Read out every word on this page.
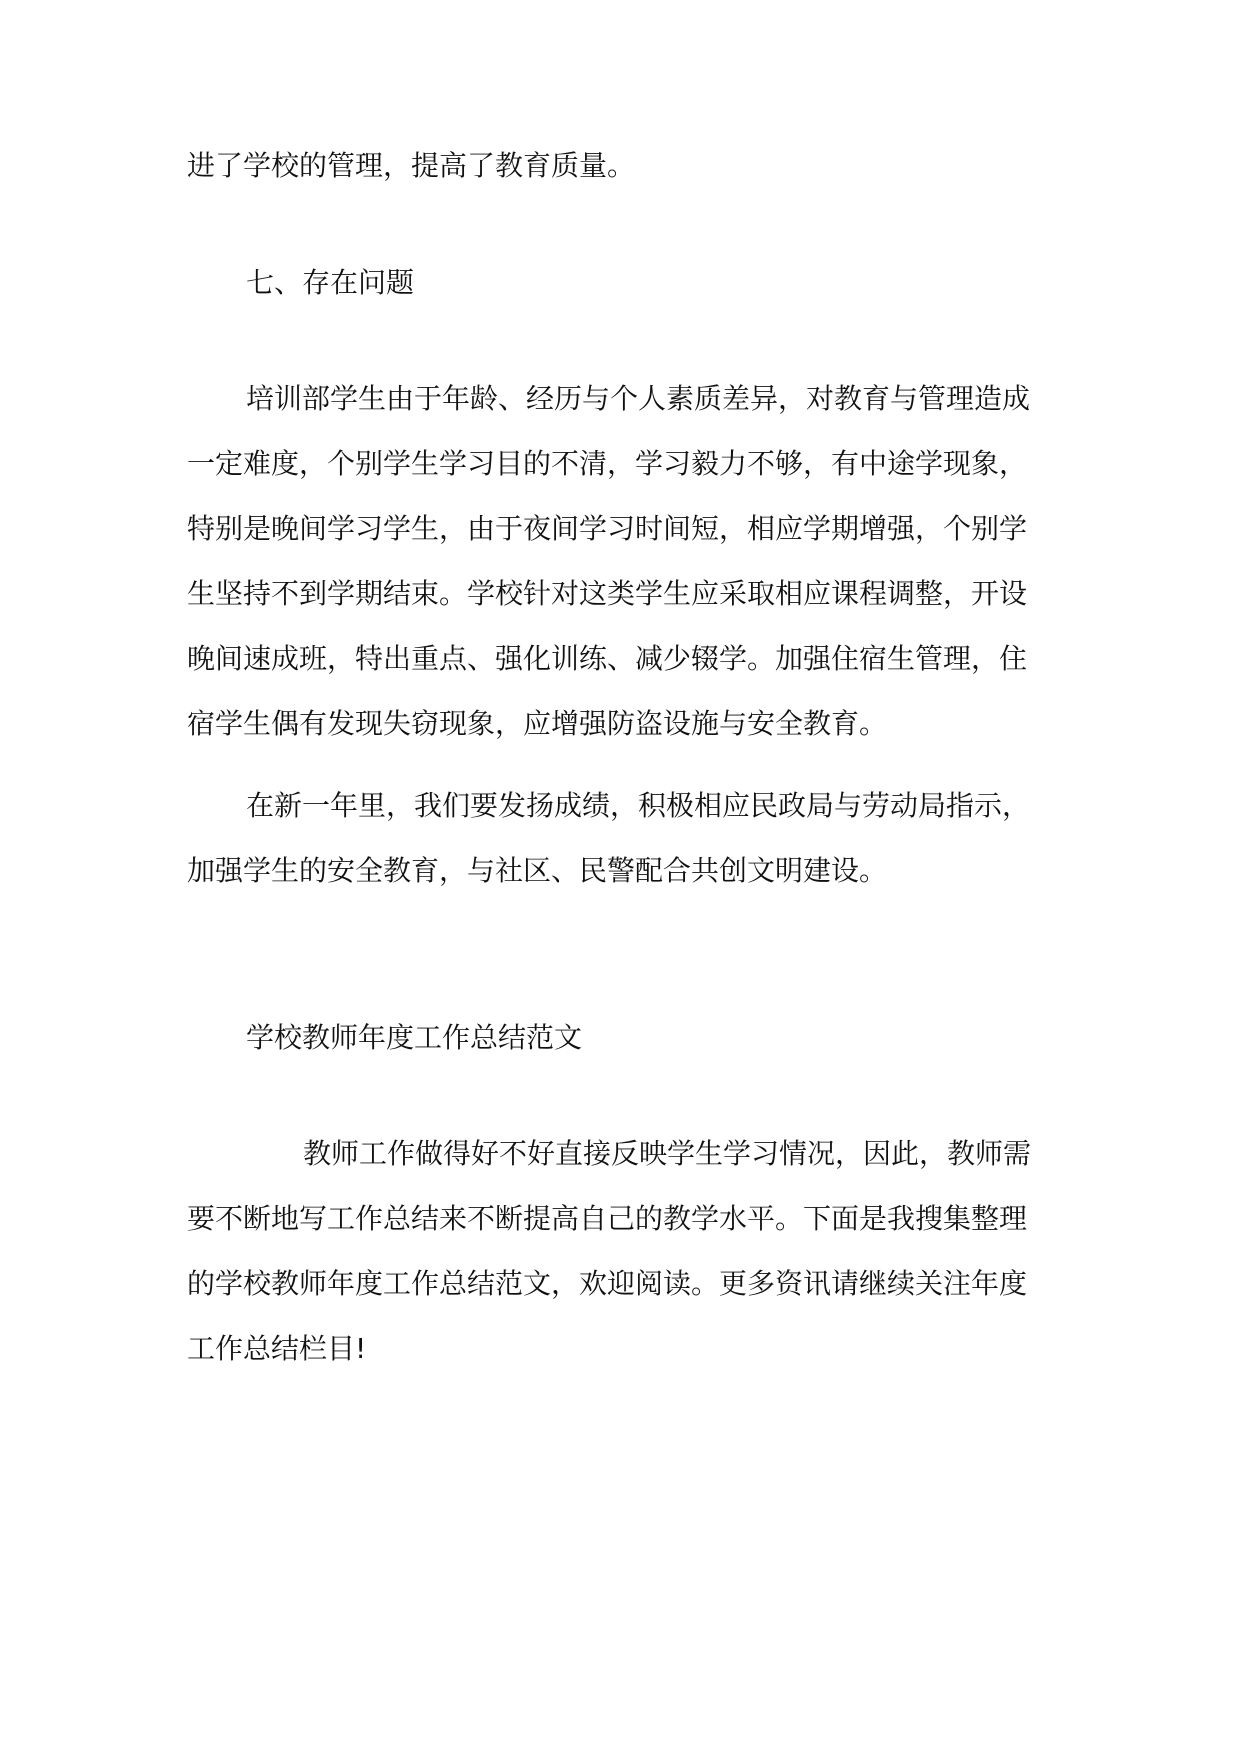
进了学校的管理，提高了教育质量。
七、存在问题
培训部学生由于年龄、经历与个人素质差异，对教育与管理造成
一定难度，个别学生学习目的不清，学习毅力不够，有中途学现象，
特别是晚间学习学生，由于夜间学习时间短，相应学期增强，个别学
生坚持不到学期结束。学校针对这类学生应采取相应课程调整，开设
晚间速成班，特出重点、强化训练、减少辍学。加强住宿生管理，住
宿学生偶有发现失窃现象，应增强防盗设施与安全教育。
在新一年里，我们要发扬成绩，积极相应民政局与劳动局指示，
加强学生的安全教育，与社区、民警配合共创文明建设。
学校教师年度工作总结范文
教师工作做得好不好直接反映学生学习情况，因此，教师需
要不断地写工作总结来不断提高自己的教学水平。下面是我搜集整理
的学校教师年度工作总结范文，欢迎阅读。更多资讯请继续关注年度
工作总结栏目!
